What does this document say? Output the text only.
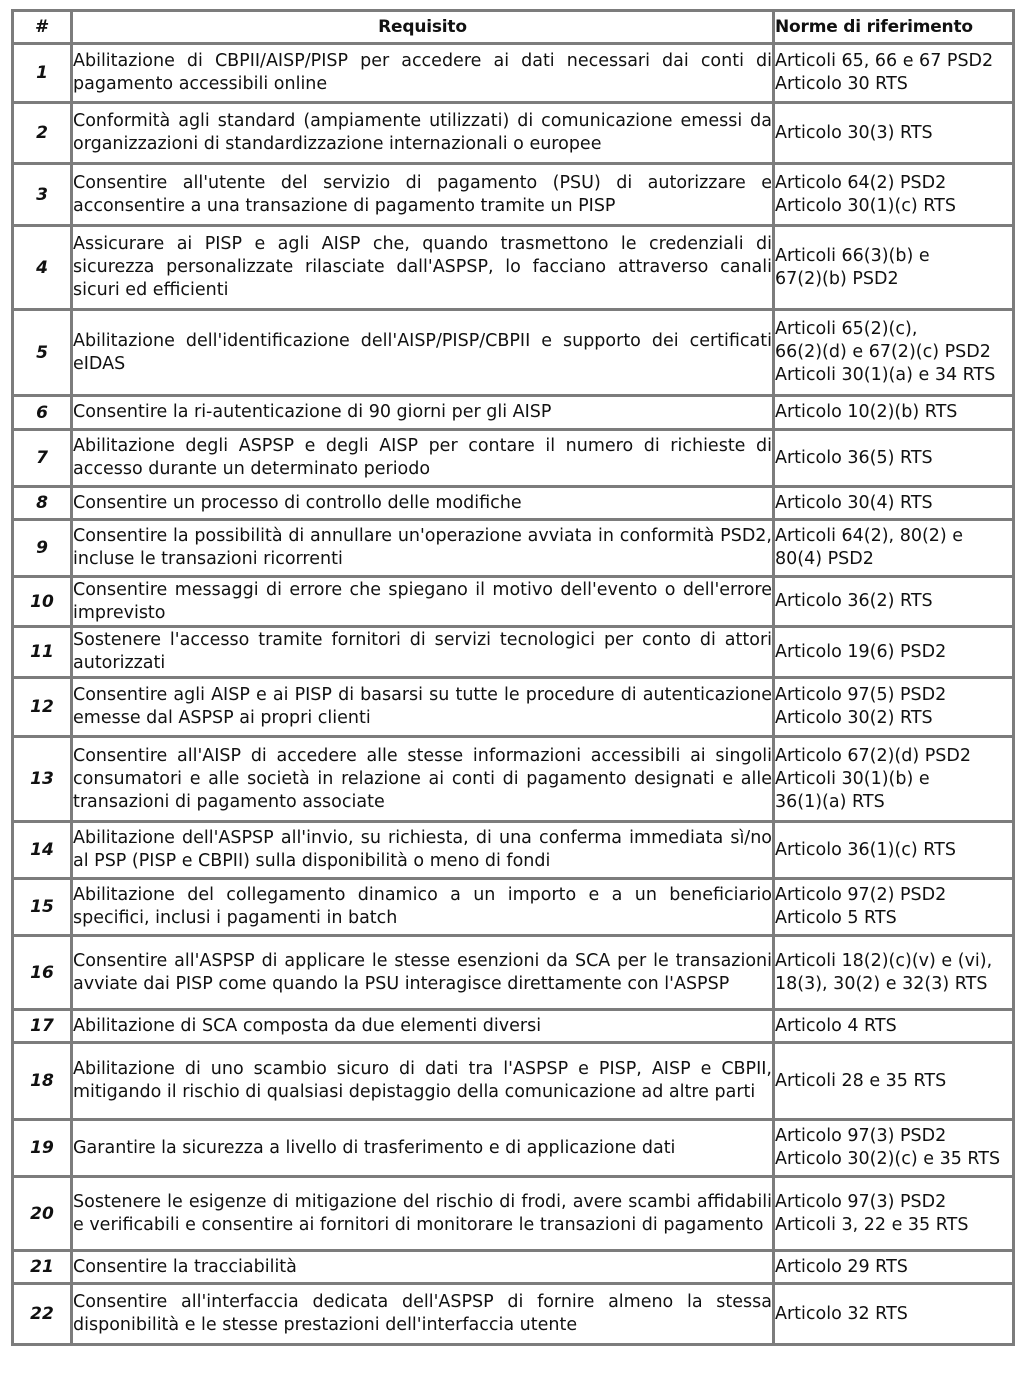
#	Requisito	Norme di riferimento
1	Abilitazione di CBPII/AISP/PISP per accedere ai dati necessari dai conti di pagamento accessibili online	Articoli 65, 66 e 67 PSD2
Articolo 30 RTS

2	Conformità agli standard (ampiamente utilizzati) di comunicazione emessi da organizzazioni di standardizzazione internazionali o europee	Articolo 30(3) RTS

3	Consentire all'utente del servizio di pagamento (PSU) di autorizzare e acconsentire a una transazione di pagamento tramite un PISP	Articolo 64(2) PSD2
Articolo 30(1)(c) RTS

4	Assicurare ai PISP e agli AISP che, quando trasmettono le credenziali di sicurezza personalizzate rilasciate dall'ASPSP, lo facciano attraverso canali sicuri ed efficienti	Articoli 66(3)(b) e
67(2)(b) PSD2

5	Abilitazione dell'identificazione dell'AISP/PISP/CBPII e supporto dei certificati eIDAS	Articoli 65(2)(c),
66(2)(d) e 67(2)(c) PSD2
Articoli 30(1)(a) e 34 RTS

6	Consentire la ri-autenticazione di 90 giorni per gli AISP	Articolo 10(2)(b) RTS

7	Abilitazione degli ASPSP e degli AISP per contare il numero di richieste di accesso durante un determinato periodo	Articolo 36(5) RTS

8	Consentire un processo di controllo delle modifiche	Articolo 30(4) RTS

9	Consentire la possibilità di annullare un'operazione avviata in conformità PSD2, incluse le transazioni ricorrenti	Articoli 64(2), 80(2) e
80(4) PSD2

10	Consentire messaggi di errore che spiegano il motivo dell'evento o dell'errore imprevisto	Articolo 36(2) RTS

11	Sostenere l'accesso tramite fornitori di servizi tecnologici per conto di attori autorizzati	Articolo 19(6) PSD2

12	Consentire agli AISP e ai PISP di basarsi su tutte le procedure di autenticazione emesse dal ASPSP ai propri clienti	Articolo 97(5) PSD2
Articolo 30(2) RTS

13	Consentire all'AISP di accedere alle stesse informazioni accessibili ai singoli consumatori e alle società in relazione ai conti di pagamento designati e alle transazioni di pagamento associate	Articolo 67(2)(d) PSD2
Articoli 30(1)(b) e
36(1)(a) RTS

14	Abilitazione dell'ASPSP all'invio, su richiesta, di una conferma immediata sì/no al PSP (PISP e CBPII) sulla disponibilità o meno di fondi	Articolo 36(1)(c) RTS

15	Abilitazione del collegamento dinamico a un importo e a un beneficiario specifici, inclusi i pagamenti in batch	Articolo 97(2) PSD2
Articolo 5 RTS

16	Consentire all'ASPSP di applicare le stesse esenzioni da SCA per le transazioni avviate dai PISP come quando la PSU interagisce direttamente con l'ASPSP	Articoli 18(2)(c)(v) e (vi),
18(3), 30(2) e 32(3) RTS

17	Abilitazione di SCA composta da due elementi diversi	Articolo 4 RTS

18	Abilitazione di uno scambio sicuro di dati tra l'ASPSP e PISP, AISP e CBPII, mitigando il rischio di qualsiasi depistaggio della comunicazione ad altre parti	Articoli 28 e 35 RTS

19	Garantire la sicurezza a livello di trasferimento e di applicazione dati	Articolo 97(3) PSD2
Articolo 30(2)(c) e 35 RTS

20	Sostenere le esigenze di mitigazione del rischio di frodi, avere scambi affidabili e verificabili e consentire ai fornitori di monitorare le transazioni di pagamento	Articolo 97(3) PSD2
Articoli 3, 22 e 35 RTS

21	Consentire la tracciabilità	Articolo 29 RTS

22	Consentire all'interfaccia dedicata dell'ASPSP di fornire almeno la stessa disponibilità e le stesse prestazioni dell'interfaccia utente	Articolo 32 RTS
